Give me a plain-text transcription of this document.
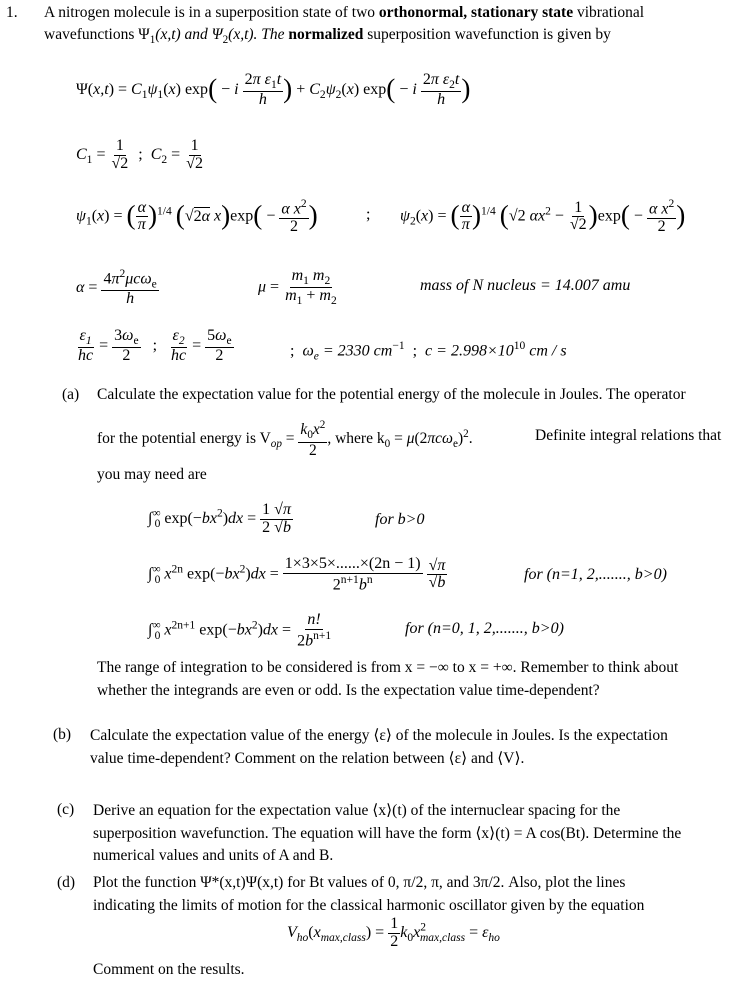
1. A nitrogen molecule is in a superposition state of two orthonormal, stationary state vibrational
wavefunctions $\Psi_1(x,t)$ and $\Psi_2(x,t)$. The normalized superposition wavefunction is given by
$\Psi(x,t) = C_1\psi_1(x) \exp( - i \frac{2\pi \varepsilon_1t}{h}$ ) + $C_2\psi_2(x) \exp( - i \frac{2\pi \varepsilon_2t}{h}$ )
$C_1 = \frac{1}{√2}$ ;  $C_2 = \frac{1}{√2}$
$\psi_1(x)$ = ( $\frac{\alpha}{\pi} )^{1/4}$ (√2α $x)\exp( - \frac{\alpha x^2}{2}$ )	; $\psi_2(x)$ = ( $\frac{\alpha}{\pi} )^{1/4}$ (√2 $\alpha x^2 - \frac{1}{√2} )\exp( - \frac{\alpha x^2}{2}$ )
$\alpha = \frac{4\pi^2\mu c\omega_e}{h}$	$\mu = \frac{m_1 m_2}{m_1 + m_2}$	mass of N nucleus = 14.007 amu
$\frac{\varepsilon_1}{hc} = \frac{3\omega_e}{2}$ ; $\frac{\varepsilon_2}{hc} = \frac{5\omega_e}{2}$	;  $\omega_e = 2330$ $cm^{-1}$  ;  $c = 2.998\times 10^{10}$ cm / s
(a) Calculate the expectation value for the potential energy of the molecule in Joules. The operator
for the potential energy is $V_{op} = \frac{k_0x^2}{2}$ , where $k_0 = \mu(2\pi c\omega_e)^2$.	Definite integral relations that
you may need are
$\int^\infty_0$ $\exp(-bx^2)dx = \frac{1}{2} \frac{√\pi}{√b}$	for b>0
$\int^\infty_0$ $x^{2n}$ $\exp(-bx^2)dx = \frac{1\times 3\times 5\times......\times(2n - 1)}{2^{n+1}b^n}$
$\frac{√\pi}{√b}$	for (n=1, 2,......., b>0)
$\int^\infty_0$ $x^{2n+1}$ $\exp(-bx^2)dx = \frac{n!}{2b^{n+1}}$	for (n=0, 1, 2,......., b>0)
The range of integration to be considered is from x = −∞ to x = +∞. Remember to think about
whether the integrands are even or odd. Is the expectation value time-dependent?
(b) Calculate the expectation value of the energy ⟨ε⟩ of the molecule in Joules. Is the expectation
value time-dependent? Comment on the relation between ⟨ε⟩ and ⟨V⟩.
(c) Derive an equation for the expectation value ⟨x⟩(t) of the internuclear spacing for the
superposition wavefunction. The equation will have the form ⟨x⟩(t) = A cos(Bt). Determine the
numerical values and units of A and B.
(d) Plot the function Ψ*(x,t)Ψ(x,t) for Bt values of 0, π/2, π, and 3π/2. Also, plot the lines
indicating the limits of motion for the classical harmonic oscillator given by the equation
$V_{ho}(x_{max,class}) = \frac{1}{2} k_0x^2_{max,class} = \varepsilon_{ho}$
Comment on the results.
